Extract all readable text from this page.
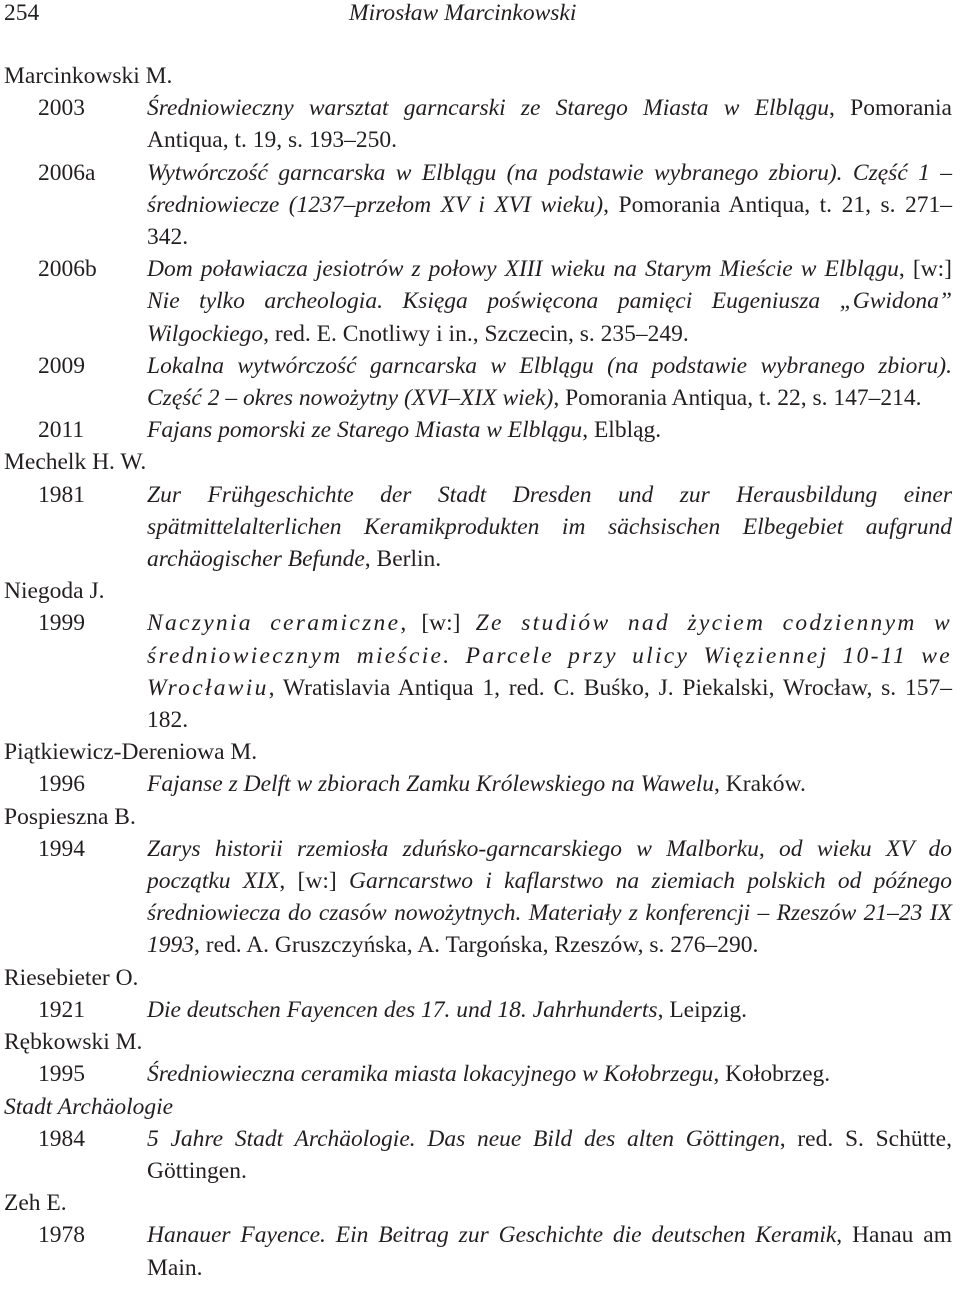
254	Mirosław Marcinkowski
Marcinkowski M.
2003	Średniowieczny warsztat garncarski ze Starego Miasta w Elblągu, Pomorania Antiqua, t. 19, s. 193–250.
2006a	Wytwórczość garncarska w Elblągu (na podstawie wybranego zbioru). Część 1 – średniowiecze (1237–przełom XV i XVI wieku), Pomorania Antiqua, t. 21, s. 271–342.
2006b	Dom poławiacza jesiotrów z połowy XIII wieku na Starym Mieście w Elblągu, [w:] Nie tylko archeologia. Księga poświęcona pamięci Eugeniusza „Gwidona” Wilgockiego, red. E. Cnotliwy i in., Szczecin, s. 235–249.
2009	Lokalna wytwórczość garncarska w Elblągu (na podstawie wybranego zbioru). Część 2 – okres nowożytny (XVI–XIX wiek), Pomorania Antiqua, t. 22, s. 147–214.
2011	Fajans pomorski ze Starego Miasta w Elblągu, Elbląg.
Mechelk H. W.
1981	Zur Frühgeschichte der Stadt Dresden und zur Herausbildung einer spätmittelalterlichen Keramikprodukten im sächsischen Elbegebiet aufgrund archäogischer Befunde, Berlin.
Niegoda J.
1999	Naczynia ceramiczne, [w:] Ze studiów nad życiem codziennym w średniowiecznym mieście. Parcele przy ulicy Więziennej 10-11 we Wrocławiu, Wratislavia Antiqua 1, red. C. Buśko, J. Piekalski, Wrocław, s. 157–182.
Piątkiewicz-Dereniowa M.
1996	Fajanse z Delft w zbiorach Zamku Królewskiego na Wawelu, Kraków.
Pospieszna B.
1994	Zarys historii rzemiosła zduńsko-garncarskiego w Malborku, od wieku XV do początku XIX, [w:] Garncarstwo i kaflarstwo na ziemiach polskich od późnego średniowiecza do czasów nowożytnych. Materiały z konferencji – Rzeszów 21–23 IX 1993, red. A. Gruszczyńska, A. Targońska, Rzeszów, s. 276–290.
Riesebieter O.
1921	Die deutschen Fayencen des 17. und 18. Jahrhunderts, Leipzig.
Rębkowski M.
1995	Średniowieczna ceramika miasta lokacyjnego w Kołobrzegu, Kołobrzeg.
Stadt Archäologie
1984	5 Jahre Stadt Archäologie. Das neue Bild des alten Göttingen, red. S. Schütte, Göttingen.
Zeh E.
1978	Hanauer Fayence. Ein Beitrag zur Geschichte die deutschen Keramik, Hanau am Main.
